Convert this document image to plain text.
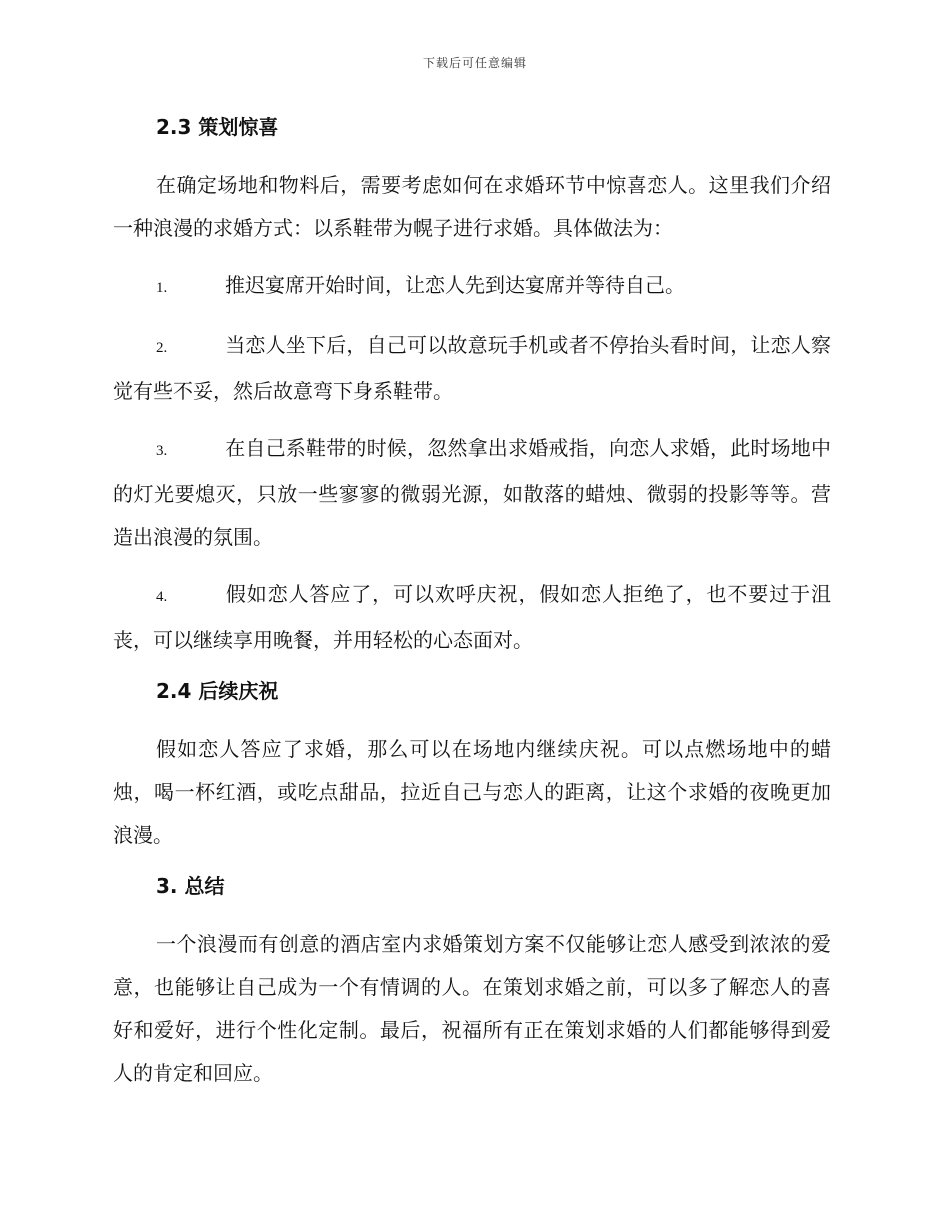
下载后可任意编辑
2.3 策划惊喜

在确定场地和物料后，需要考虑如何在求婚环节中惊喜恋人。这里我们介绍一种浪漫的求婚方式：以系鞋带为幌子进行求婚。具体做法为：

1.	推迟宴席开始时间，让恋人先到达宴席并等待自己。
2.	当恋人坐下后，自己可以故意玩手机或者不停抬头看时间，让恋人察觉有些不妥，然后故意弯下身系鞋带。
3.	在自己系鞋带的时候，忽然拿出求婚戒指，向恋人求婚，此时场地中的灯光要熄灭，只放一些寥寥的微弱光源，如散落的蜡烛、微弱的投影等等。营造出浪漫的氛围。
4.	假如恋人答应了，可以欢呼庆祝，假如恋人拒绝了，也不要过于沮丧，可以继续享用晚餐，并用轻松的心态面对。
2.4 后续庆祝

假如恋人答应了求婚，那么可以在场地内继续庆祝。可以点燃场地中的蜡烛，喝一杯红酒，或吃点甜品，拉近自己与恋人的距离，让这个求婚的夜晚更加浪漫。

3. 总结

一个浪漫而有创意的酒店室内求婚策划方案不仅能够让恋人感受到浓浓的爱意，也能够让自己成为一个有情调的人。在策划求婚之前，可以多了解恋人的喜好和爱好，进行个性化定制。最后，祝福所有正在策划求婚的人们都能够得到爱人的肯定和回应。
